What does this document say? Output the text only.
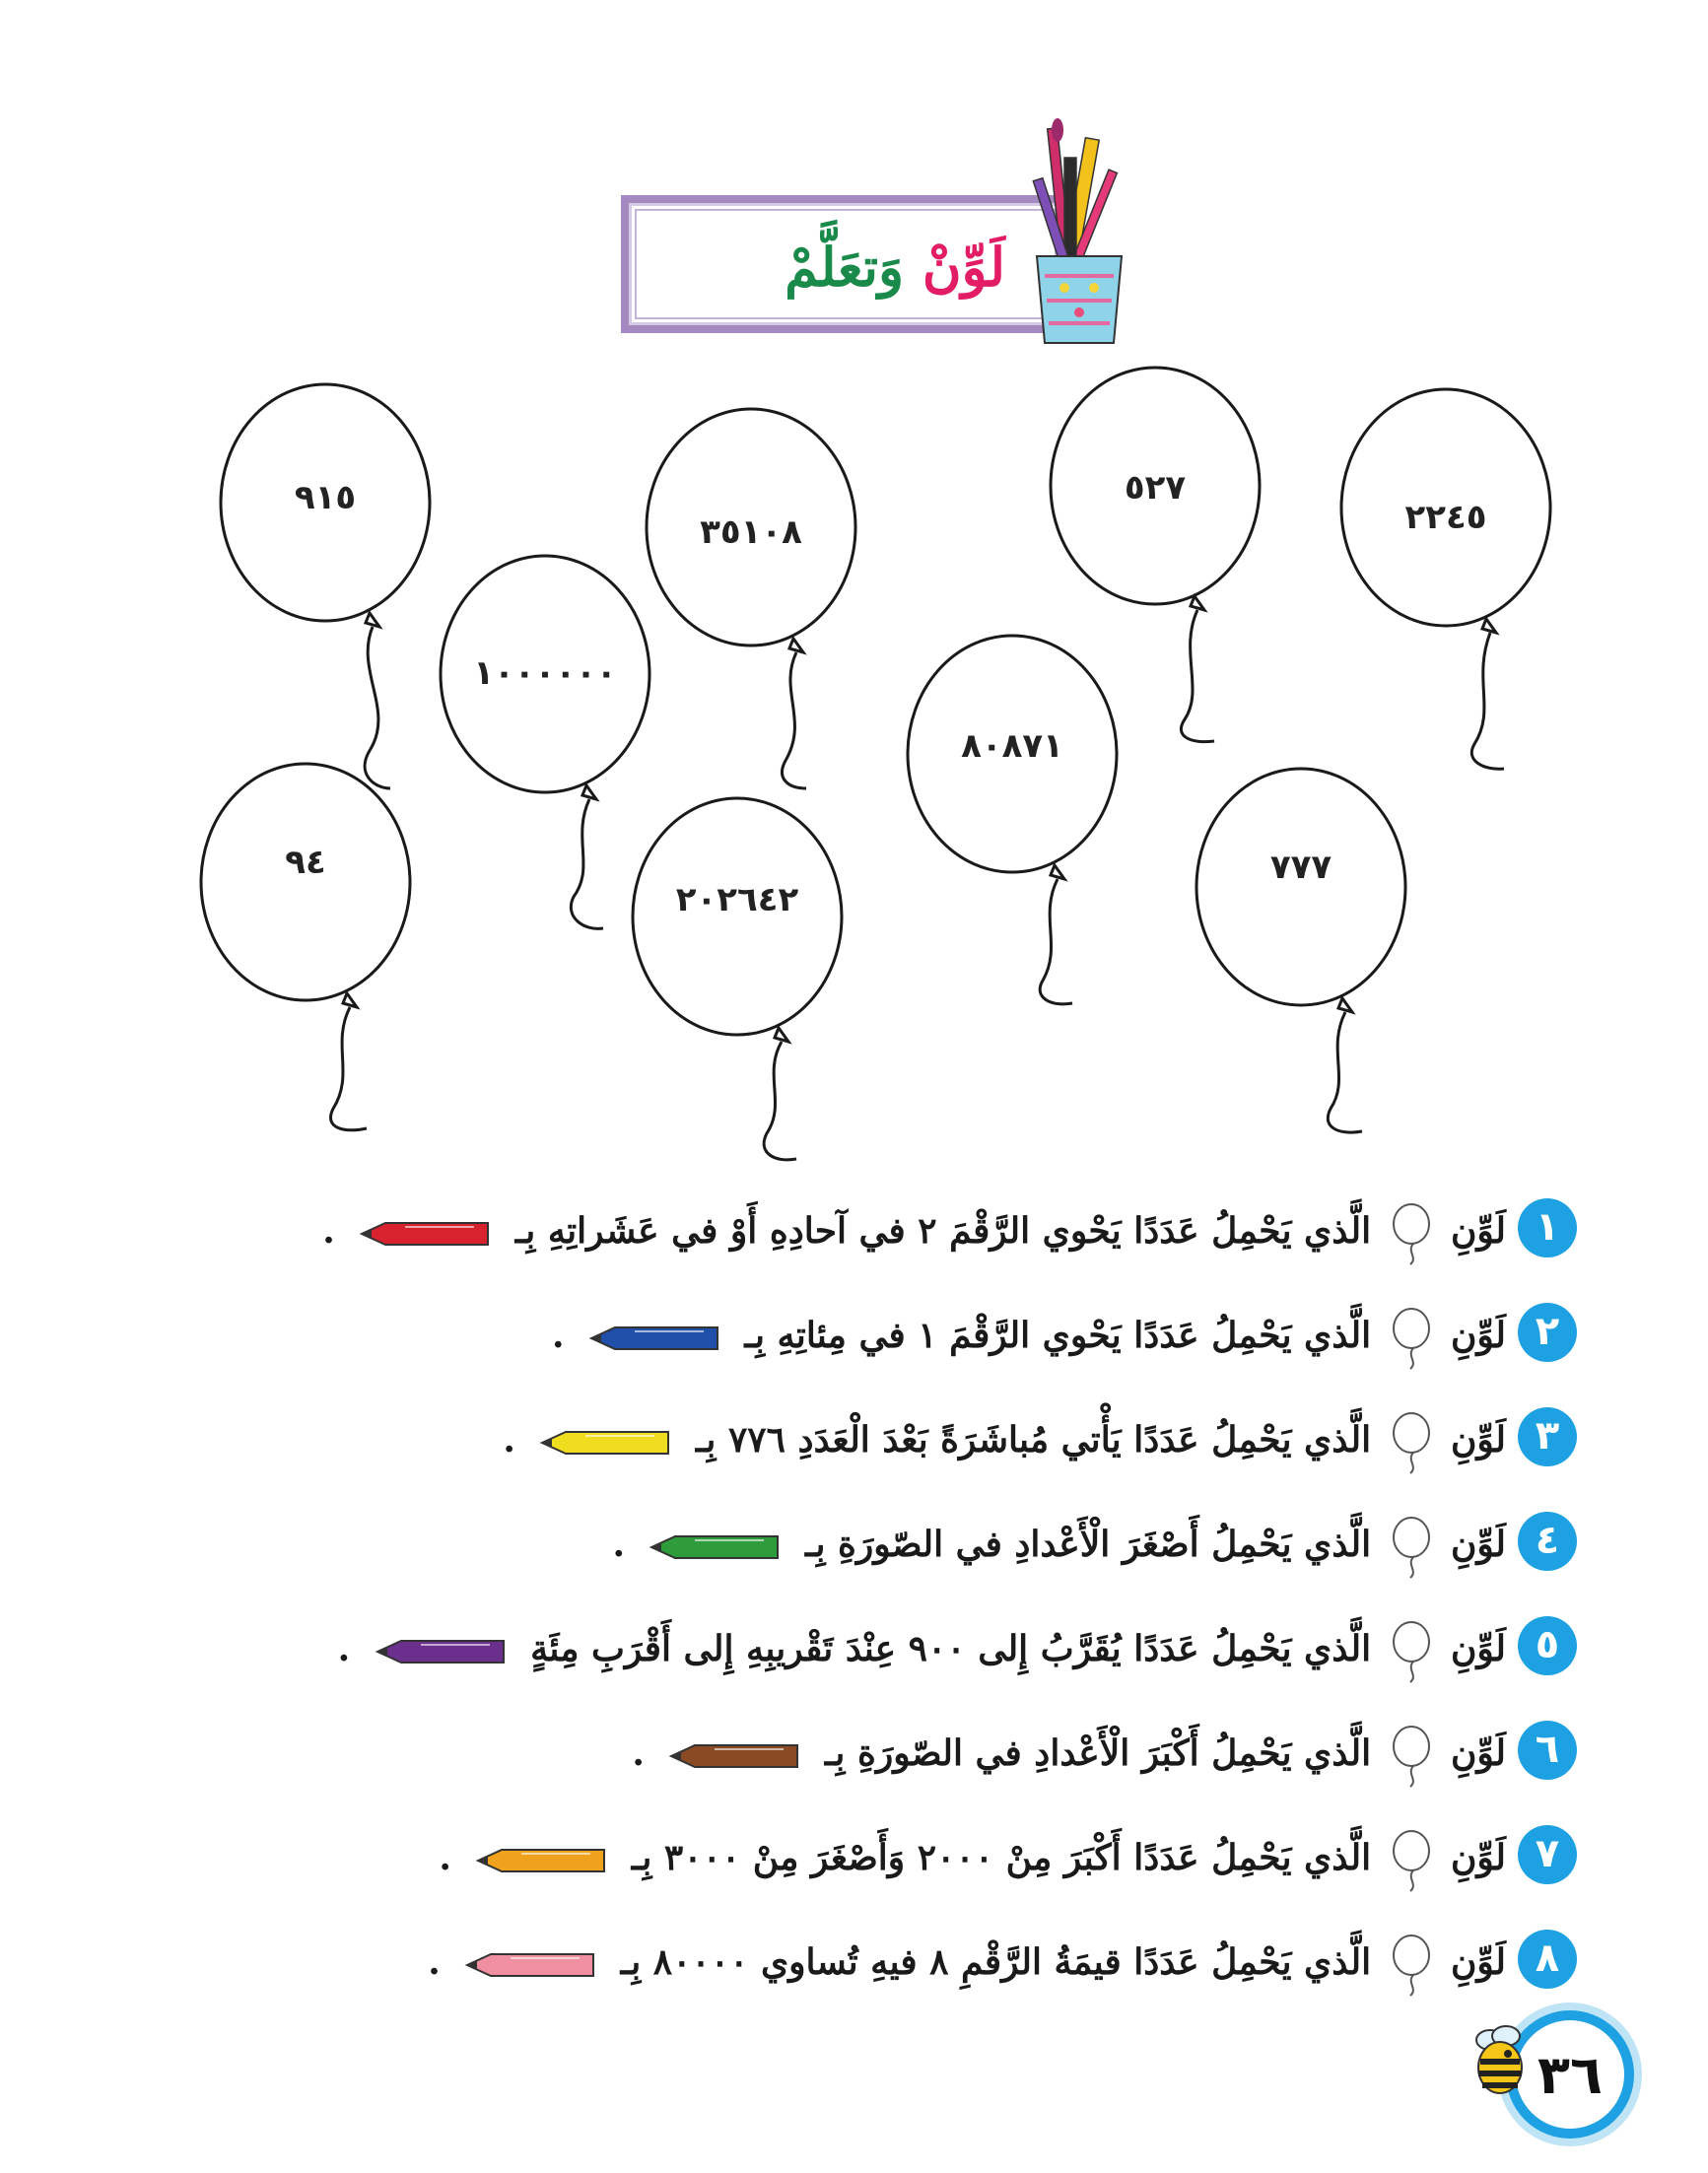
لَوِّنْ وَتعَلَّمْ
٩١٥
٣٥١٠٨
٥٢٧
٢٢٤٥
١٠٠٠٠٠٠
٨٠٨٧١
٩٤
٢٠٢٦٤٢
٧٧٧
١
لَوِّنِ  الَّذي يَحْمِلُ عَدَدًا يَحْوي الرَّقْمَ ٢ في آحادِهِ أَوْ في عَشَراتِهِ بِـ  .
٢
لَوِّنِ  الَّذي يَحْمِلُ عَدَدًا يَحْوي الرَّقْمَ ١ في مِئاتِهِ بِـ  .
٣
لَوِّنِ  الَّذي يَحْمِلُ عَدَدًا يَأْتي مُباشَرَةً بَعْدَ الْعَدَدِ ٧٧٦ بِـ  .
٤
لَوِّنِ  الَّذي يَحْمِلُ أَصْغَرَ الْأَعْدادِ في الصّورَةِ بِـ  .
٥
لَوِّنِ  الَّذي يَحْمِلُ عَدَدًا يُقَرَّبُ إِلى ٩٠٠ عِنْدَ تَقْريبِهِ إِلى أَقْرَبِ مِئَةٍ  .
٦
لَوِّنِ  الَّذي يَحْمِلُ أَكْبَرَ الْأَعْدادِ في الصّورَةِ بِـ  .
٧
لَوِّنِ  الَّذي يَحْمِلُ عَدَدًا أَكْبَرَ مِنْ ٢٠٠٠ وَأَصْغَرَ مِنْ ٣٠٠٠ بِـ  .
٨
لَوِّنِ  الَّذي يَحْمِلُ عَدَدًا قيمَةُ الرَّقْمِ ٨ فيهِ تُساوي ٨٠٠٠٠ بِـ  .
٣٦
